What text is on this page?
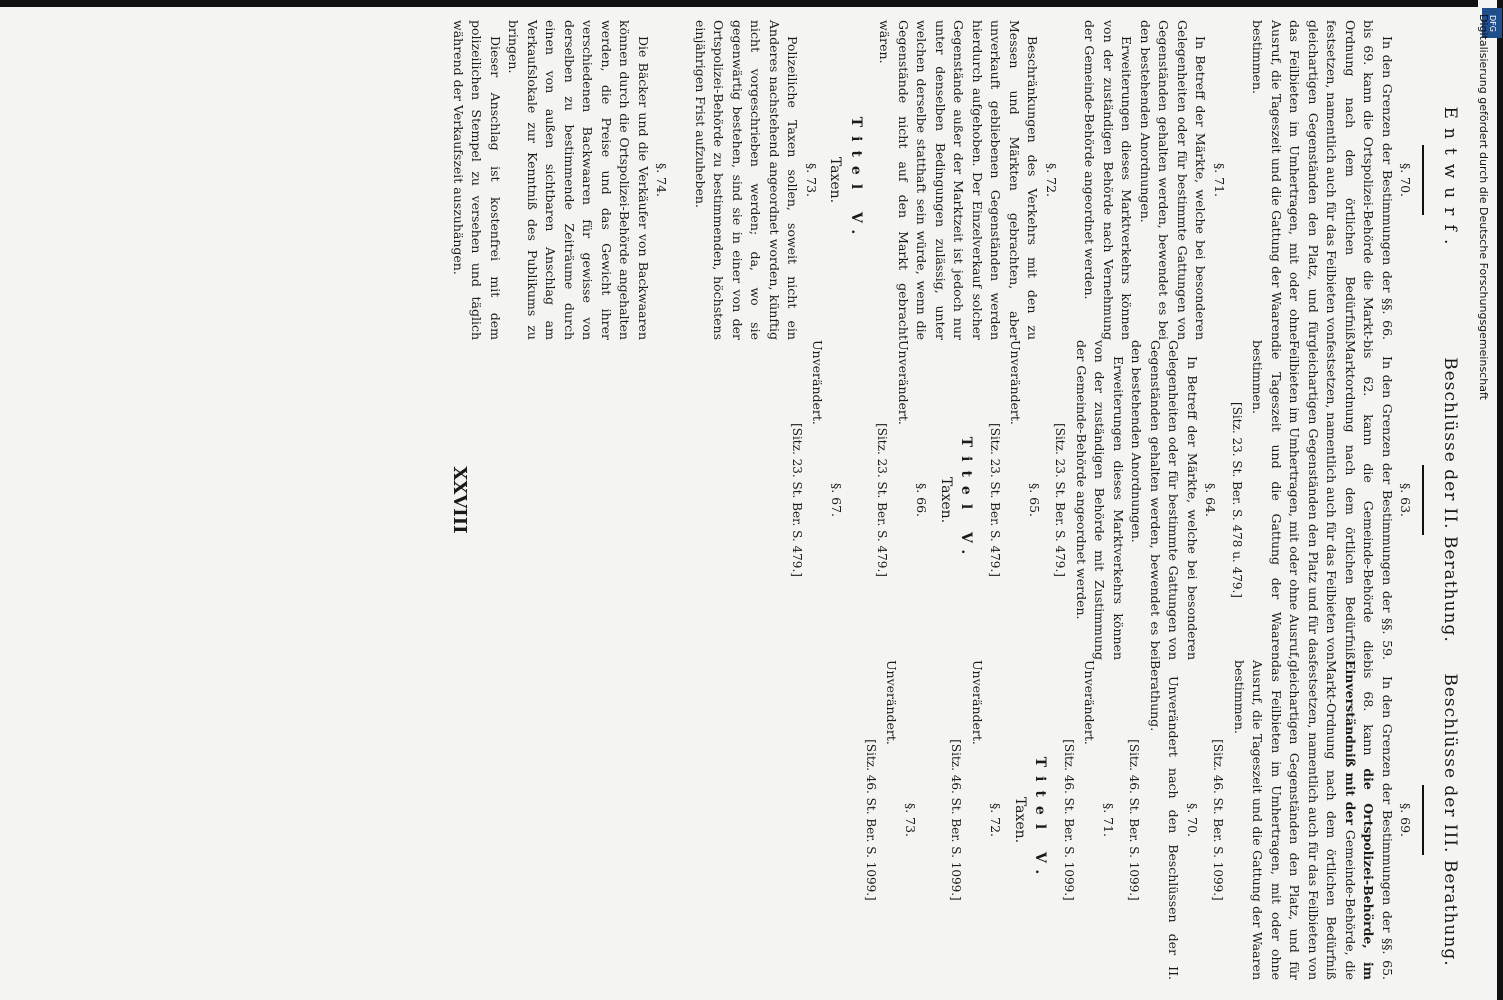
DFG
Digitalisierung gefördert durch die Deutsche Forschungsgemeinschaft
Entwurf.
§. 70.

In den Grenzen der Bestimmungen der §§. 66. bis 69. kann die Ortspolizei-Behörde die Markt-Ordnung nach dem örtlichen Bedürfniß festsetzen, namentlich auch für das Feilbieten von gleichartigen Gegenständen den Platz, und für das Feilbieten im Umhertragen, mit oder ohne Ausruf, die Tageszeit und die Gattung der Waaren bestimmen.

§. 71.

In Betreff der Märkte, welche bei besonderen Gelegenheiten oder für bestimmte Gattungen von Gegenständen gehalten werden, bewendet es bei den bestehenden Anordnungen.

Erweiterungen dieses Marktverkehrs können von der zuständigen Behörde nach Vernehmung der Gemeinde-Behörde angeordnet werden.

§. 72.

Beschränkungen des Verkehrs mit den zu Messen und Märkten gebrachten, aber unverkauft gebliebenen Gegenständen werden hierdurch aufgehoben. Der Einzelverkauf solcher Gegenstände außer der Marktzeit ist jedoch nur unter denselben Bedingungen zulässig, unter welchen derselbe statthaft sein würde, wenn die Gegenstände nicht auf den Markt gebracht wären.

Titel V.
Taxen.
§. 73.

Polizeiliche Taxen sollen, soweit nicht ein Anderes nachstehend angeordnet worden, künftig nicht vorgeschrieben werden; da, wo sie gegenwärtig bestehen, sind sie in einer von der Ortspolizei-Behörde zu bestimmenden, höchstens einjährigen Frist aufzuheben.

§. 74.

Die Bäcker und die Verkäufer von Backwaaren können durch die Ortspolizei-Behörde angehalten werden, die Preise und das Gewicht ihrer verschiedenen Backwaaren für gewisse von derselben zu bestimmende Zeiträume durch einen von außen sichtbaren Anschlag am Verkaufslokale zur Kenntniß des Publikums zu bringen.

Dieser Anschlag ist kostenfrei mit dem polizeilichen Stempel zu versehen und täglich während der Verkaufszeit auszuhängen.

Beschlüsse der II. Berathung.
§. 63.

In den Grenzen der Bestimmungen der §§. 59. bis 62. kann die Gemeinde-Behörde die Marktordnung nach dem örtlichen Bedürfniß festsetzen, namentlich auch für das Feilbieten von gleichartigen Gegenständen den Platz und für das Feilbieten im Umhertragen, mit oder ohne Ausruf, die Tageszeit und die Gattung der Waaren bestimmen.

[Sitz. 23. St. Ber. S. 478 u. 479.]
§. 64.

In Betreff der Märkte, welche bei besonderen Gelegenheiten oder für bestimmte Gattungen von Gegenständen gehalten werden, bewendet es bei den bestehenden Anordnungen.

Erweiterungen dieses Marktverkehrs können von der zuständigen Behörde mit Zustimmung der Gemeinde-Behörde angeordnet werden.

[Sitz. 23. St. Ber. S. 479.]
§. 65.

Unverändert.

[Sitz. 23. St. Ber. S. 479.]
Titel V.
Taxen.
§. 66.

Unverändert.

[Sitz. 23. St. Ber. S. 479.]
§. 67.

Unverändert.

[Sitz. 23. St. Ber. S. 479.]
Beschlüsse der III. Berathung.
§. 69.

In den Grenzen der Bestimmungen der §§. 65. bis 68. kann die Ortspolizei-Behörde, im Einverständniß mit der Gemeinde-Behörde, die Markt-Ordnung nach dem örtlichen Bedürfniß festsetzen, namentlich auch für das Feilbieten von gleichartigen Gegenständen den Platz, und für das Feilbieten im Umhertragen, mit oder ohne Ausruf, die Tageszeit und die Gattung der Waaren bestimmen.

[Sitz. 46. St. Ber. S. 1099.]
§. 70.

Unverändert nach den Beschlüssen der II. Berathung.

[Sitz. 46. St. Ber. S. 1099.]
§. 71.

Unverändert.

[Sitz. 46. St. Ber. S. 1099.]
Titel V.
Taxen.
§. 72.

Unverändert.

[Sitz. 46. St. Ber. S. 1099.]
§. 73.

Unverändert.

[Sitz. 46. St. Ber. S. 1099.]
XXVIII
